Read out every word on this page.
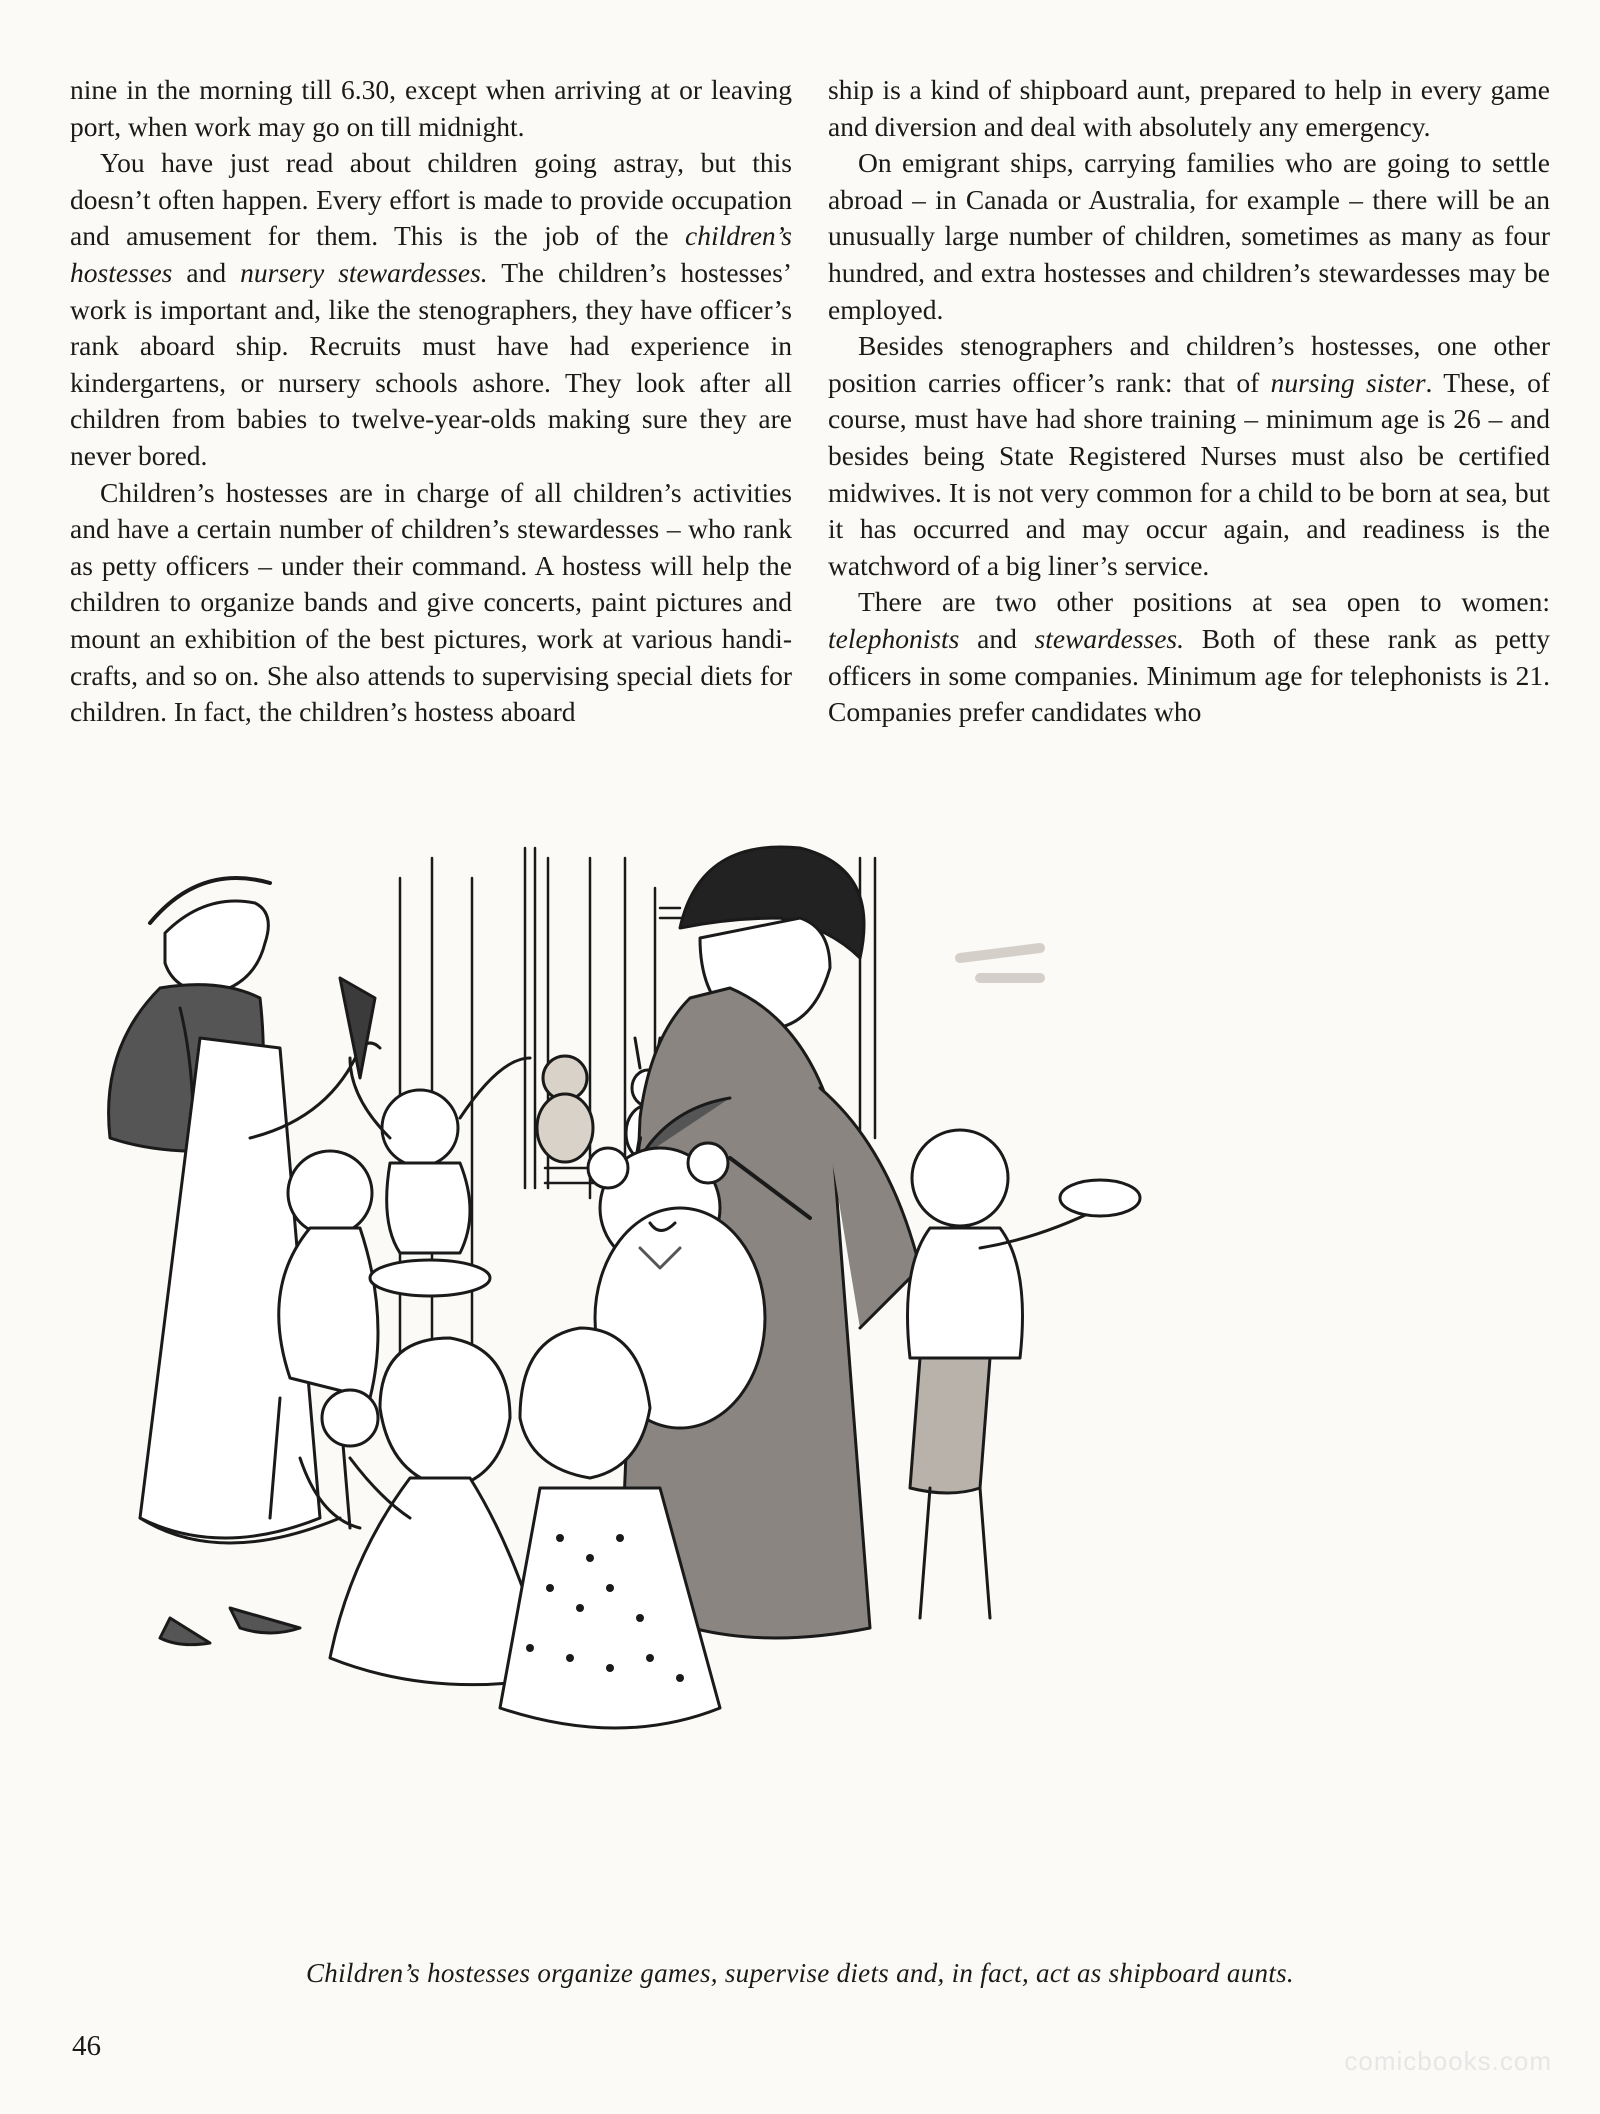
nine in the morning till 6.30, except when arriving at or leaving port, when work may go on till midnight.

You have just read about children going astray, but this doesn’t often happen. Every effort is made to provide occupation and amusement for them. This is the job of the children’s hostesses and nursery stewardesses. The children’s hostesses’ work is important and, like the stenographers, they have officer’s rank aboard ship. Recruits must have had experience in kindergartens, or nursery schools ashore. They look after all children from babies to twelve-year-olds making sure they are never bored.

Children’s hostesses are in charge of all children’s activities and have a certain number of children’s stewardesses – who rank as petty officers – under their command. A hostess will help the children to organize bands and give concerts, paint pictures and mount an exhibition of the best pictures, work at various handicrafts, and so on. She also attends to supervising special diets for children. In fact, the children’s hostess aboard

ship is a kind of shipboard aunt, prepared to help in every game and diversion and deal with absolutely any emergency.

On emigrant ships, carrying families who are going to settle abroad – in Canada or Australia, for example – there will be an unusually large number of children, sometimes as many as four hundred, and extra hostesses and children’s stewardesses may be employed.

Besides stenographers and children’s hostesses, one other position carries officer’s rank: that of nursing sister. These, of course, must have had shore training – minimum age is 26 – and besides being State Registered Nurses must also be certified midwives. It is not very common for a child to be born at sea, but it has occurred and may occur again, and readiness is the watchword of a big liner’s service.

There are two other positions at sea open to women: telephonists and stewardesses. Both of these rank as petty officers in some companies. Minimum age for telephonists is 21. Companies prefer candidates who

Children’s hostesses organize games, supervise diets and, in fact, act as shipboard aunts.
46	comicbooks.com
